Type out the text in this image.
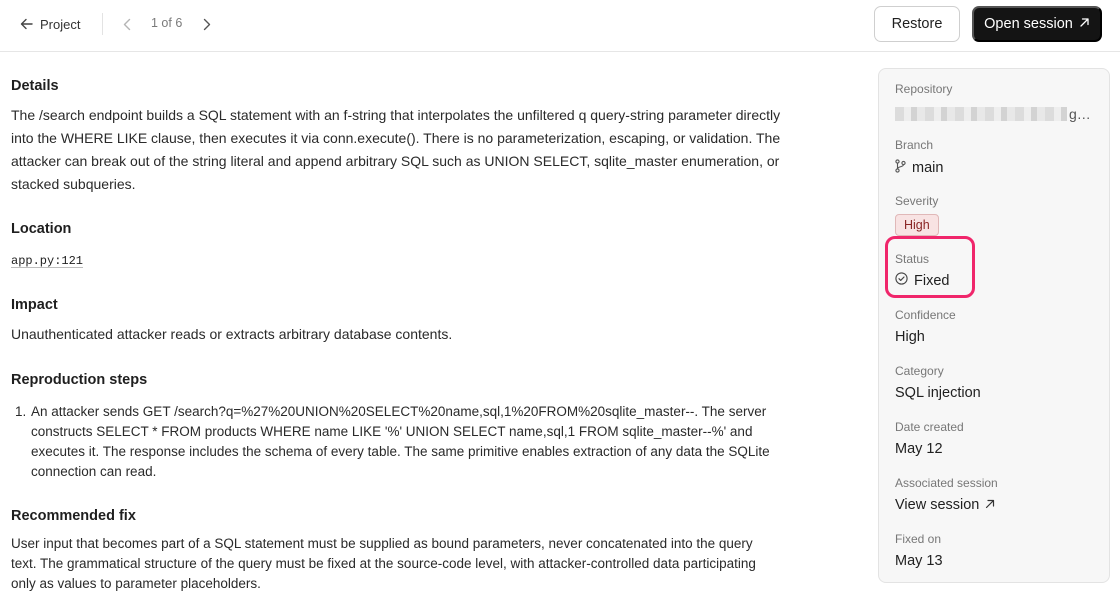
Project	1 of 6	Restore	Open session
Details
The /search endpoint builds a SQL statement with an f-string that interpolates the unfiltered q query-string parameter directly
into the WHERE LIKE clause, then executes it via conn.execute(). There is no parameterization, escaping, or validation. The
attacker can break out of the string literal and append arbitrary SQL such as UNION SELECT, sqlite_master enumeration, or
stacked subqueries.
Location
app.py:121
Impact
Unauthenticated attacker reads or extracts arbitrary database contents.
Reproduction steps
1. An attacker sends GET /search?q=%27%20UNION%20SELECT%20name,sql,1%20FROM%20sqlite_master--. The server
constructs SELECT * FROM products WHERE name LIKE '%' UNION SELECT name,sql,1 FROM sqlite_master--%' and
executes it. The response includes the schema of every table. The same primitive enables extraction of any data the SQLite
connection can read.
Recommended fix
User input that becomes part of a SQL statement must be supplied as bound parameters, never concatenated into the query
text. The grammatical structure of the query must be fixed at the source-code level, with attacker-controlled data participating
only as values to parameter placeholders.
Repository
g…
Branch
main
Severity
High
Status
Fixed
Confidence
High
Category
SQL injection
Date created
May 12
Associated session
View session
Fixed on
May 13
